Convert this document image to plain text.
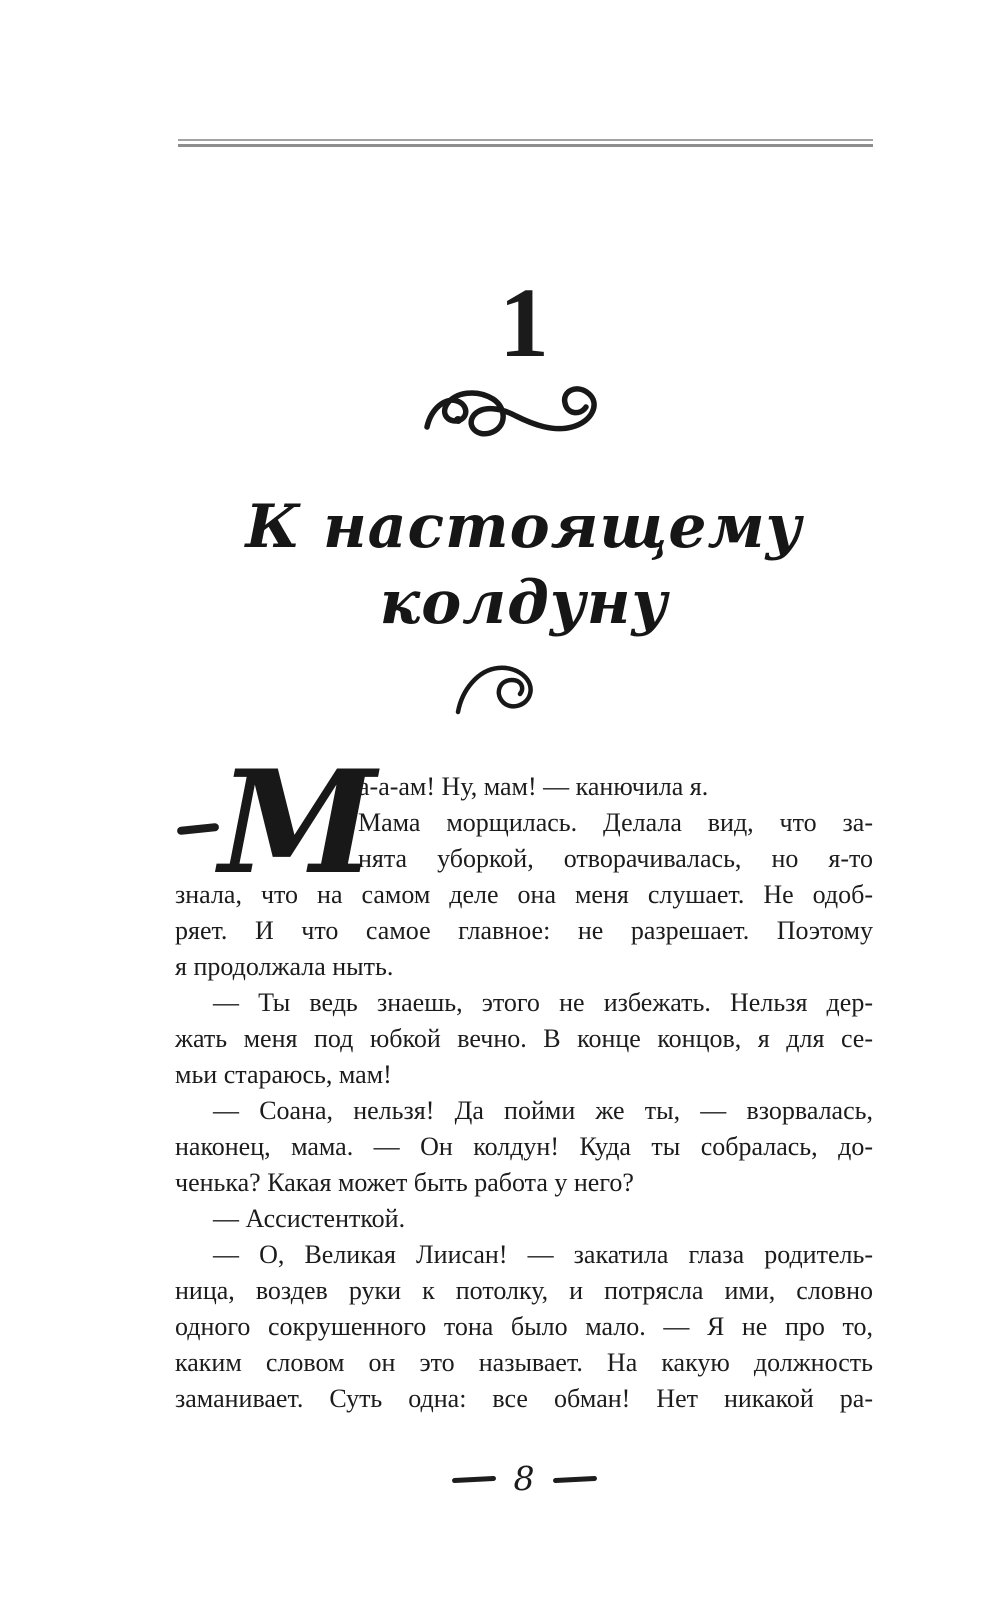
1
К настоящему
колдуну
М
а-а-ам! Ну, мам! — канючила я.
Мама морщилась. Делала вид, что за-
нята уборкой, отворачивалась, но я-то
знала, что на самом деле она меня слушает. Не одоб-
ряет. И что самое главное: не разрешает. Поэтому
я продолжала ныть.
— Ты ведь знаешь, этого не избежать. Нельзя дер-
жать меня под юбкой вечно. В конце концов, я для се-
мьи стараюсь, мам!
— Соана, нельзя! Да пойми же ты, — взорвалась,
наконец, мама. — Он колдун! Куда ты собралась, до-
ченька? Какая может быть работа у него?
— Ассистенткой.
— О, Великая Лиисан! — закатила глаза родитель-
ница, воздев руки к потолку, и потрясла ими, словно
одного сокрушенного тона было мало. — Я не про то,
каким словом он это называет. На какую должность
заманивает. Суть одна: все обман! Нет никакой ра-
8
